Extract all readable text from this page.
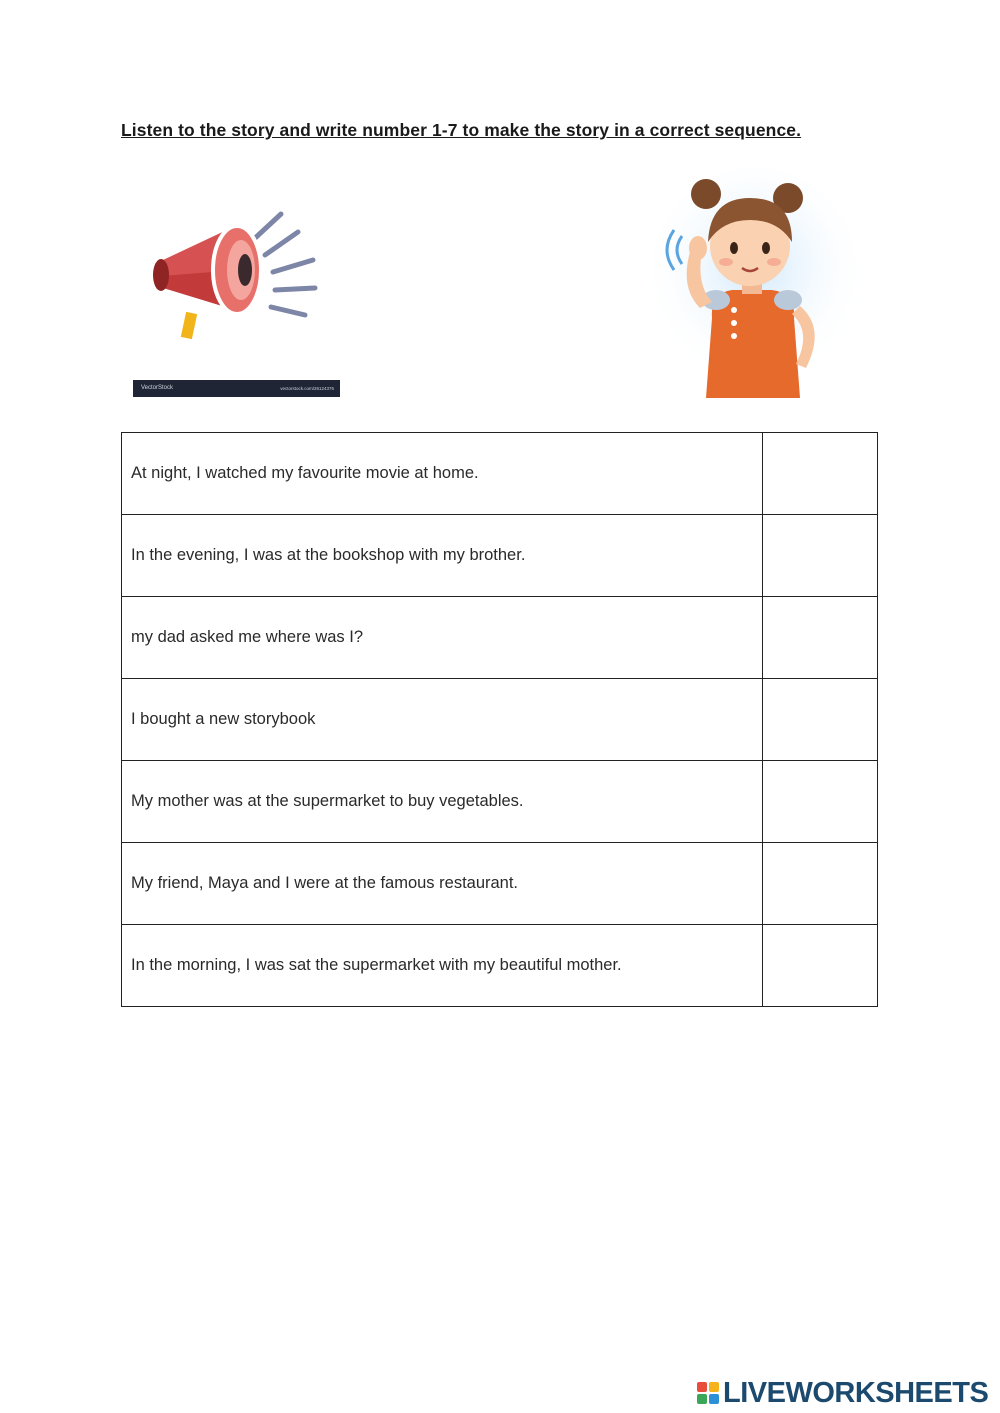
Listen to the story and write number 1-7 to make the story in a correct sequence.
VectorStock	vectorstock.com/26124376
At night, I watched my favourite movie at home.	
In the evening, I was at the bookshop with my brother.	
my dad asked me where was I?	
I bought a new storybook	
My mother was at the supermarket to buy vegetables.	
My friend, Maya and I were at the famous restaurant.	
In the morning, I was sat the supermarket with my beautiful mother.	
LIVEWORKSHEETS
